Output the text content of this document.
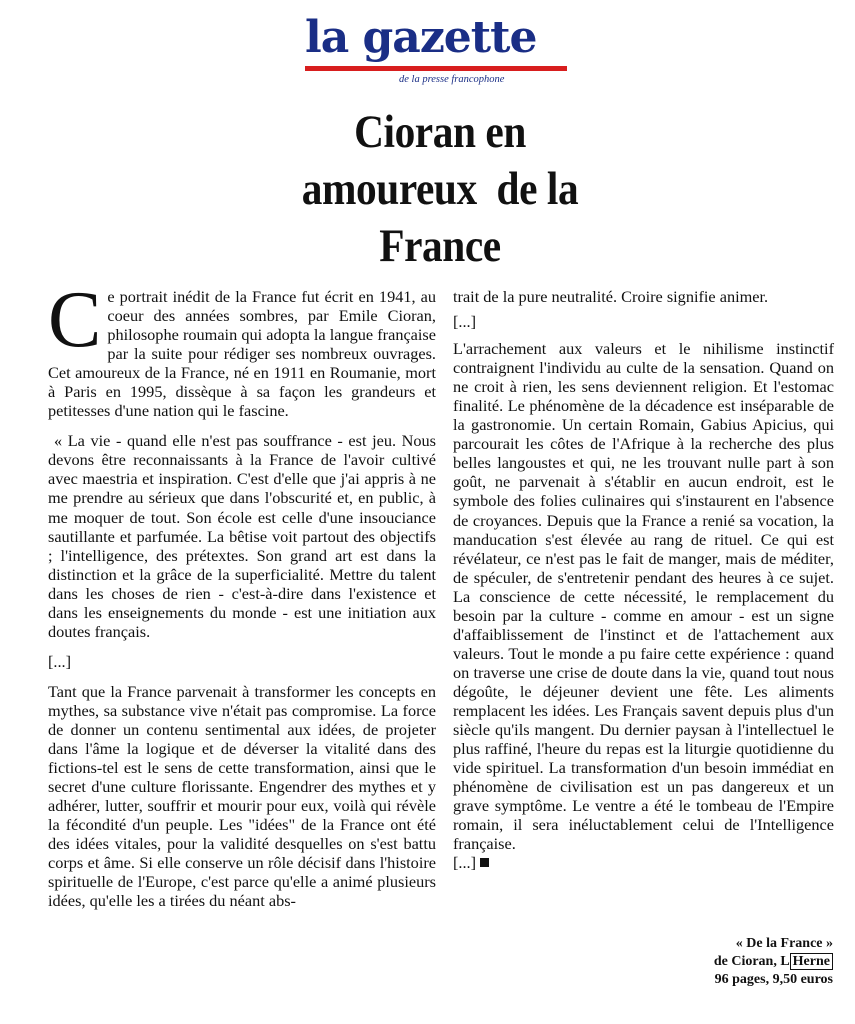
la gazette
de la presse francophone
Cioran en
amoureux  de la
France

Ce portrait inédit de la France fut écrit en 1941, au coeur des années sombres, par Emile Cioran, philosophe roumain qui adopta la langue française par la suite pour rédiger ses nombreux ouvrages. Cet amoureux de la France, né en 1911 en Roumanie, mort à Paris en 1995, dissèque à sa façon les grandeurs et petitesses d'une nation qui le fascine.

« La vie - quand elle n'est pas souffrance - est jeu. Nous devons être reconnaissants à la France de l'avoir cultivé avec maestria et inspiration. C'est d'elle que j'ai appris à ne me prendre au sérieux que dans l'obscurité et, en public, à me moquer de tout. Son école est celle d'une insouciance sautillante et parfumée. La bêtise voit partout des objectifs ; l'intelligence, des prétextes. Son grand art est dans la distinction et la grâce de la superficialité. Mettre du talent dans les choses de rien - c'est-à-dire dans l'existence et dans les enseignements du monde - est une initiation aux doutes français.

[...]

Tant que la France parvenait à transformer les concepts en mythes, sa substance vive n'était pas compromise. La force de donner un contenu sentimental aux idées, de projeter dans l'âme la logique et de déverser la vitalité dans des fictions-tel est le sens de cette transformation, ainsi que le secret d'une culture florissante. Engendrer des mythes et y adhérer, lutter, souffrir et mourir pour eux, voilà qui révèle la fécondité d'un peuple. Les "idées" de la France ont été des idées vitales, pour la validité desquelles on s'est battu corps et âme. Si elle conserve un rôle décisif dans l'histoire spirituelle de l'Europe, c'est parce qu'elle a animé plusieurs idées, qu'elle les a tirées du néant abs-

trait de la pure neutralité. Croire signifie animer.

[...]

L'arrachement aux valeurs et le nihilisme instinctif contraignent l'individu au culte de la sensation. Quand on ne croit à rien, les sens deviennent religion. Et l'estomac finalité. Le phénomène de la décadence est inséparable de la gastronomie. Un certain Romain, Gabius Apicius, qui parcourait les côtes de l'Afrique à la recherche des plus belles langoustes et qui, ne les trouvant nulle part à son goût, ne parvenait à s'établir en aucun endroit, est le symbole des folies culinaires qui s'instaurent en l'absence de croyances. Depuis que la France a renié sa vocation, la manducation s'est élevée au rang de rituel. Ce qui est révélateur, ce n'est pas le fait de manger, mais de méditer, de spéculer, de s'entretenir pendant des heures à ce sujet. La conscience de cette nécessité, le remplacement du besoin par la culture - comme en amour - est un signe d'affaiblissement de l'instinct et de l'attachement aux valeurs. Tout le monde a pu faire cette expérience : quand on traverse une crise de doute dans la vie, quand tout nous dégoûte, le déjeuner devient une fête. Les aliments remplacent les idées. Les Français savent depuis plus d'un siècle qu'ils mangent. Du dernier paysan à l'intellectuel le plus raffiné, l'heure du repas est la liturgie quotidienne du vide spirituel. La transformation d'un besoin immédiat en phénomène de civilisation est un pas dangereux et un grave symptôme. Le ventre a été le tombeau de l'Empire romain, il sera inéluctablement celui de l'Intelligence française.

[...]

« De la France »
de Cioran, L Herne
96 pages, 9,50 euros
